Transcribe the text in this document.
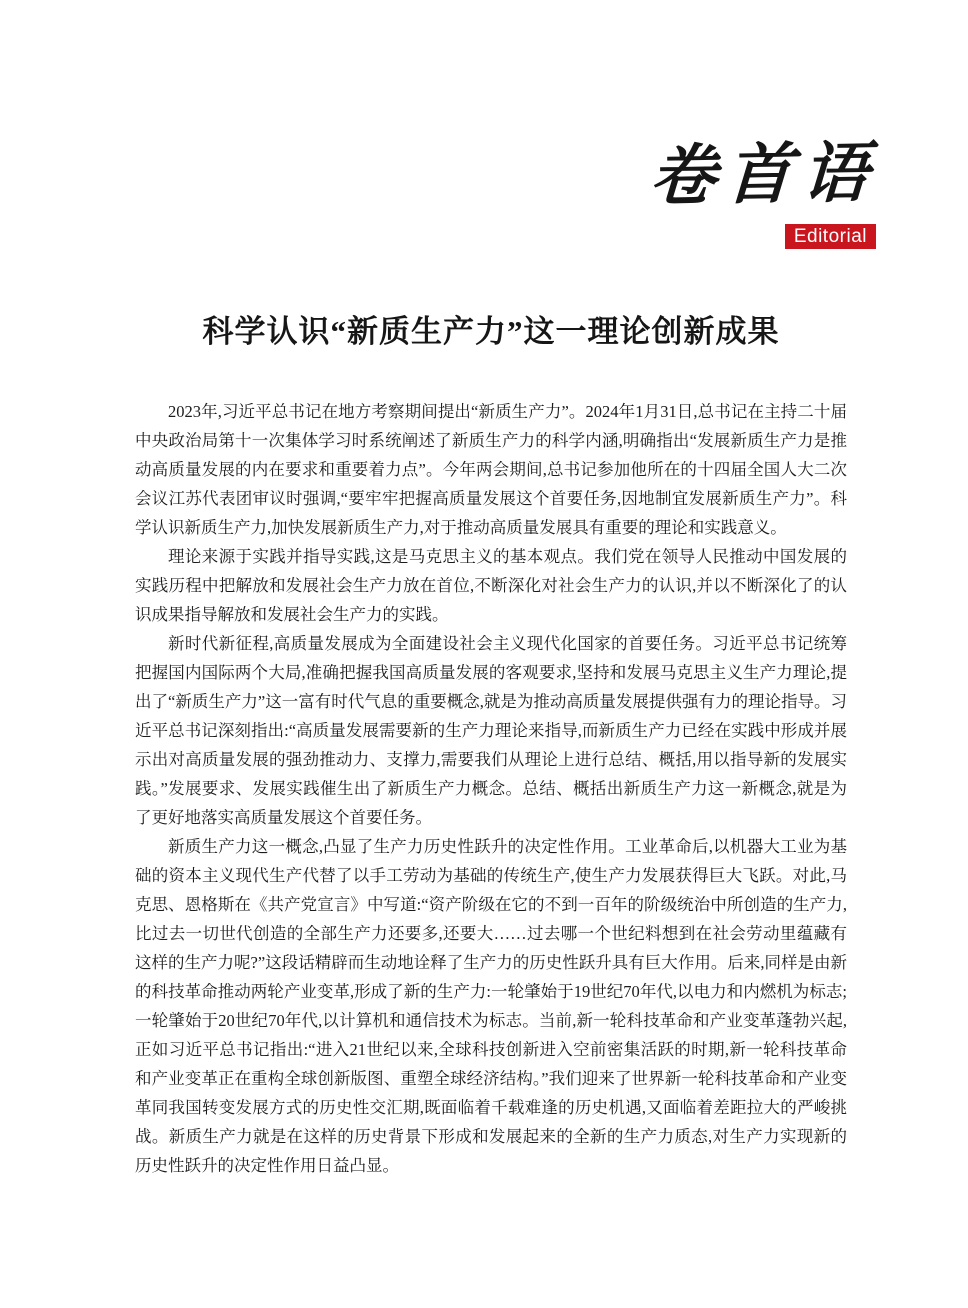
卷首语
Editorial
科学认识“新质生产力”这一理论创新成果

2023年,习近平总书记在地方考察期间提出“新质生产力”。2024年1月31日,总书记在主持二十届中央政治局第十一次集体学习时系统阐述了新质生产力的科学内涵,明确指出“发展新质生产力是推动高质量发展的内在要求和重要着力点”。今年两会期间,总书记参加他所在的十四届全国人大二次会议江苏代表团审议时强调,“要牢牢把握高质量发展这个首要任务,因地制宜发展新质生产力”。科学认识新质生产力,加快发展新质生产力,对于推动高质量发展具有重要的理论和实践意义。

理论来源于实践并指导实践,这是马克思主义的基本观点。我们党在领导人民推动中国发展的实践历程中把解放和发展社会生产力放在首位,不断深化对社会生产力的认识,并以不断深化了的认识成果指导解放和发展社会生产力的实践。

新时代新征程,高质量发展成为全面建设社会主义现代化国家的首要任务。习近平总书记统筹把握国内国际两个大局,准确把握我国高质量发展的客观要求,坚持和发展马克思主义生产力理论,提出了“新质生产力”这一富有时代气息的重要概念,就是为推动高质量发展提供强有力的理论指导。习近平总书记深刻指出:“高质量发展需要新的生产力理论来指导,而新质生产力已经在实践中形成并展示出对高质量发展的强劲推动力、支撑力,需要我们从理论上进行总结、概括,用以指导新的发展实践。”发展要求、发展实践催生出了新质生产力概念。总结、概括出新质生产力这一新概念,就是为了更好地落实高质量发展这个首要任务。

新质生产力这一概念,凸显了生产力历史性跃升的决定性作用。工业革命后,以机器大工业为基础的资本主义现代生产代替了以手工劳动为基础的传统生产,使生产力发展获得巨大飞跃。对此,马克思、恩格斯在《共产党宣言》中写道:“资产阶级在它的不到一百年的阶级统治中所创造的生产力,比过去一切世代创造的全部生产力还要多,还要大……过去哪一个世纪料想到在社会劳动里蕴藏有这样的生产力呢?”这段话精辟而生动地诠释了生产力的历史性跃升具有巨大作用。后来,同样是由新的科技革命推动两轮产业变革,形成了新的生产力:一轮肇始于19世纪70年代,以电力和内燃机为标志;一轮肇始于20世纪70年代,以计算机和通信技术为标志。当前,新一轮科技革命和产业变革蓬勃兴起,正如习近平总书记指出:“进入21世纪以来,全球科技创新进入空前密集活跃的时期,新一轮科技革命和产业变革正在重构全球创新版图、重塑全球经济结构。”我们迎来了世界新一轮科技革命和产业变革同我国转变发展方式的历史性交汇期,既面临着千载难逢的历史机遇,又面临着差距拉大的严峻挑战。新质生产力就是在这样的历史背景下形成和发展起来的全新的生产力质态,对生产力实现新的历史性跃升的决定性作用日益凸显。
